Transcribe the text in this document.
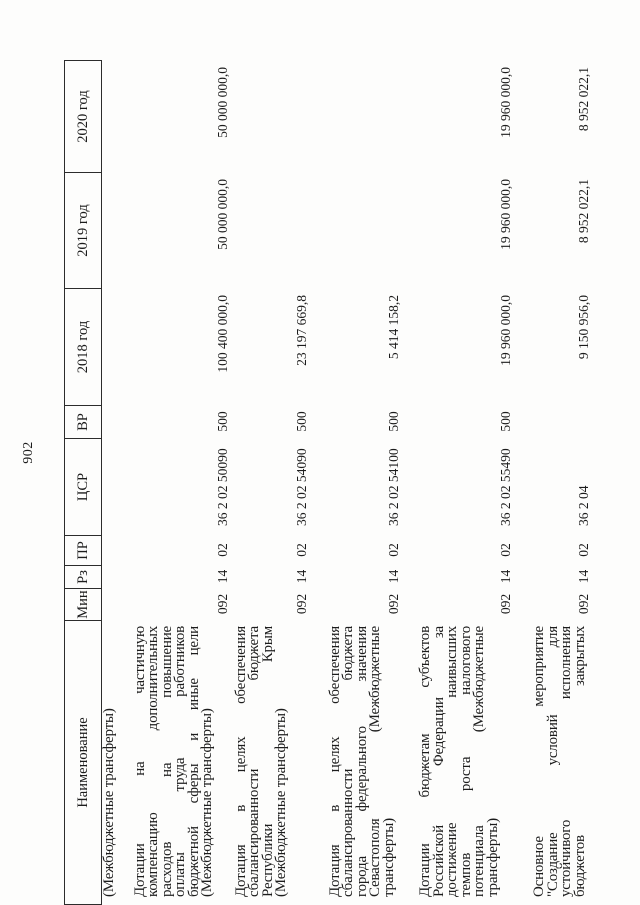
902
Наименование
Мин
Рз
ПР
ЦСР
ВР
2018 год
2019 год
2020 год
(Межбюджетные трансферты) Дотации на частичную
компенсацию дополнительных
расходов на повышение
оплаты труда работников
бюджетной сферы и иные цели
(Межбюджетные трансферты)
092
14
02
36 2 02 50090
500
100 400 000,0
50 000 000,0
50 000 000,0
Дотация в целях обеспечения
сбалансированности бюджета
Республики Крым
(Межбюджетные трансферты)
092
14
02
36 2 02 54090
500
23 197 669,8
Дотация в целях обеспечения
сбалансированности бюджета
города федерального значения
Севастополя (Межбюджетные
трансферты)
092
14
02
36 2 02 54100
500
5 414 158,2
Дотации бюджетам субъектов
Российской Федерации за
достижение наивысших
темпов роста налогового
потенциала (Межбюджетные
трансферты)
092
14
02
36 2 02 55490
500
19 960 000,0
19 960 000,0
19 960 000,0
Основное мероприятие
"Создание условий для
устойчивого исполнения
бюджетов закрытых
092
14
02
36 2 04
9 150 956,0
8 952 022,1
8 952 022,1
